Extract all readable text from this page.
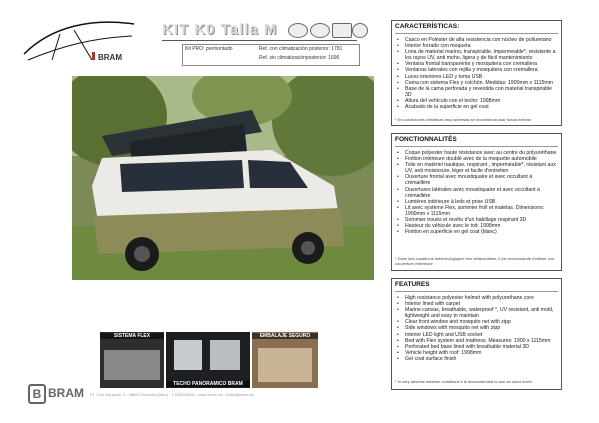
BRAM
KIT K0 Talla M
Kit PRO: premontado	Ref. con climatización posterior: 1781
Ref. sin climatizaciónposterior: 1696
SISTEMA FLEX
TECHO PANORAMICO BRAM
EMBALAJE SEGURO
B BRAM P.I. Can Gurrpula, 3 - 08600 Granolla (Barc) - T 938226832 - www.bram.es - bram@bram.es
CARACTERÍSTICAS:
• Casco en Poléster de alta resistencia con núcleo de poliuretano
• Interior forrado con moqueta
• Lona de material marino, transpirable, impermeable*, resistente a los rayos UV, anti moho, ligera y de fácil mantenimiento
• Ventana frontal transparente y mosquitera con cremallera
• Ventanas laterales con rejilla y mosquitera con cremallera
• Luces interiores LED y toma USB
• Cama con sistema Flex y colchón. Medidas: 1900mm x 1115mm
• Base de la cama perforada y revestida con material transpirable 3D
• Altura del vehículo con el techo: 1998mm
• Acabado de la superficie en gel coat
* En condiciones climáticas muy adversas se recomienda usar funda exterior
FONCTIONNALITÉS
• Coque polyester haute résistance avec au centre du polyuréthane
• Finition intérieure doublé avec de la moquette automobile
• Toile en matériel nautique, respirant , imperméable*, résistant aux UV, anti moisissure, léger et facile d'entretien
• Ouverture frontal avec moustiquaire et avec occultant à crémaillère
• Ouvertures latérales avec moustiquaire et avec occultant à crémaillère
• Lumières intérieure à leds et prise USB
• Lit avec système Flex, sommier froll et matelas. Dimensions: 1900mm x 1115mm
• Sommier troués et revêtu d'un habillage respirant 3D
• Hauteur du véhicule avec le toit: 1998mm
• Finition en superficie en gel coat (blanc)
* Dans des conditions météorologiques très défavorables, il est recommandé d'utiliser une couverture extérieure
FEATURES
• High resistance polyester helmet with polyurethane core
• Interior lined with carpet
• Marine canvas, breathable, waterproof *, UV resistant, anti mold, lightweight and easy to maintain
• Clear front window and mosquito net with zipp
• Side windows with mosquito net with zipp
• Interior LED light and USB socket
• Bed with Flex system and mattress. Measures: 1900 x 1115mm
• Perforated bed base lined with breathable material 3D
• Vehicle height with roof: 1998mm
• Gel coat surface finish
* In very adverse weather conditions it is recommended to use an outer cover
